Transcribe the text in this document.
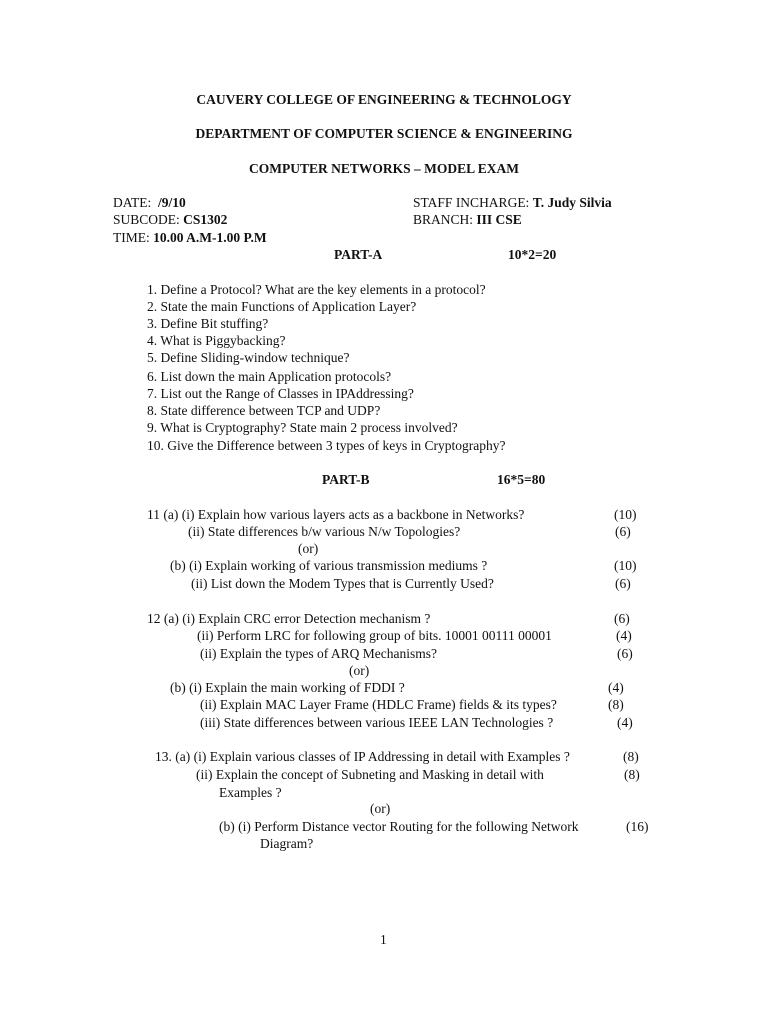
CAUVERY COLLEGE OF ENGINEERING & TECHNOLOGY
DEPARTMENT OF COMPUTER SCIENCE & ENGINEERING
COMPUTER NETWORKS – MODEL EXAM
DATE: /9/10	STAFF INCHARGE: T. Judy Silvia
SUBCODE: CS1302	BRANCH: III CSE
TIME: 10.00 A.M-1.00 P.M
PART-A	10*2=20
1. Define a Protocol? What are the key elements in a protocol?
2. State the main Functions of Application Layer?
3. Define Bit stuffing?
4. What is Piggybacking?
5. Define Sliding-window technique?
6. List down the main Application protocols?
7. List out the Range of Classes in IPAddressing?
8. State difference between TCP and UDP?
9. What is Cryptography? State main 2 process involved?
10. Give the Difference between 3 types of keys in Cryptography?
PART-B	16*5=80
11 (a) (i) Explain how various layers acts as a backbone in Networks?	(10)
(ii) State differences b/w various N/w Topologies?	(6)
(or)
(b) (i) Explain working of various transmission mediums ?	(10)
(ii) List down the Modem Types that is Currently Used?	(6)
12 (a) (i) Explain CRC error Detection mechanism ?	(6)
(ii) Perform LRC for following group of bits. 10001 00111 00001	(4)
(ii) Explain the types of ARQ Mechanisms?	(6)
(or)
(b) (i) Explain the main working of FDDI ?	(4)
(ii) Explain MAC Layer Frame (HDLC Frame) fields & its types?	(8)
(iii) State differences between various IEEE LAN Technologies ?	(4)
13. (a) (i) Explain various classes of IP Addressing in detail with Examples ?	(8)
(ii) Explain the concept of Subneting and Masking in detail with	(8)
Examples ?
(or)
(b) (i) Perform Distance vector Routing for the following Network	(16)
Diagram?
1
